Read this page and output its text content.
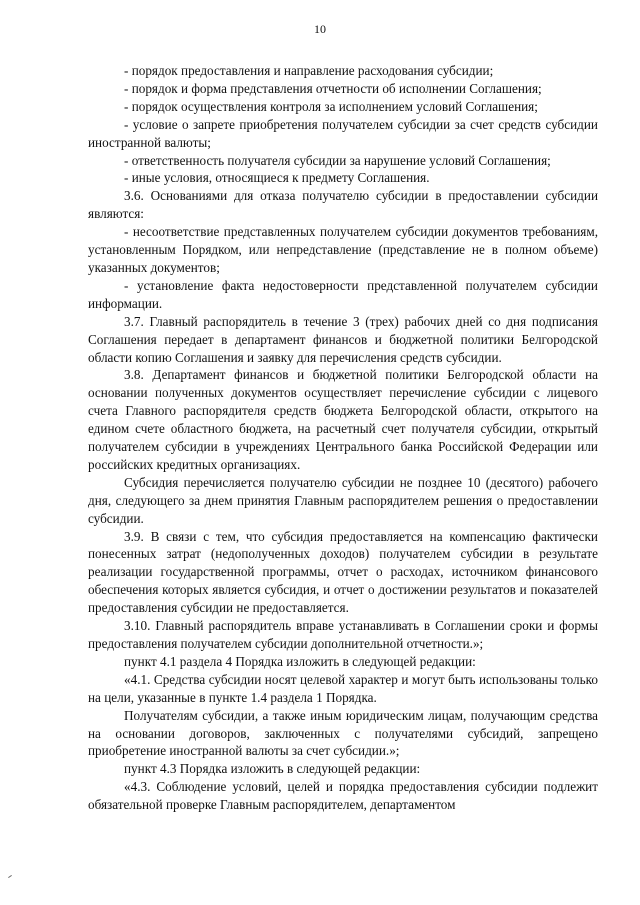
10

- порядок предоставления и направление расходования субсидии;

- порядок и форма представления отчетности об исполнении Соглашения;

- порядок осуществления контроля за исполнением условий Соглашения;

- условие о запрете приобретения получателем субсидии за счет средств субсидии иностранной валюты;

- ответственность получателя субсидии за нарушение условий Соглашения;

- иные условия, относящиеся к предмету Соглашения.

3.6. Основаниями для отказа получателю субсидии в предоставлении субсидии являются:

- несоответствие представленных получателем субсидии документов требованиям, установленным Порядком, или непредставление (представление не в полном объеме) указанных документов;

- установление факта недостоверности представленной получателем субсидии информации.

3.7. Главный распорядитель в течение 3 (трех) рабочих дней со дня подписания Соглашения передает в департамент финансов и бюджетной политики Белгородской области копию Соглашения и заявку для перечисления средств субсидии.

3.8. Департамент финансов и бюджетной политики Белгородской области на основании полученных документов осуществляет перечисление субсидии с лицевого счета Главного распорядителя средств бюджета Белгородской области, открытого на едином счете областного бюджета, на расчетный счет получателя субсидии, открытый получателем субсидии в учреждениях Центрального банка Российской Федерации или российских кредитных организациях.

Субсидия перечисляется получателю субсидии не позднее 10 (десятого) рабочего дня, следующего за днем принятия Главным распорядителем решения о предоставлении субсидии.

3.9. В связи с тем, что субсидия предоставляется на компенсацию фактически понесенных затрат (недополученных доходов) получателем субсидии в результате реализации государственной программы, отчет о расходах, источником финансового обеспечения которых является субсидия, и отчет о достижении результатов и показателей предоставления субсидии не предоставляется.

3.10. Главный распорядитель вправе устанавливать в Соглашении сроки и формы предоставления получателем субсидии дополнительной отчетности.»;

пункт 4.1 раздела 4 Порядка изложить в следующей редакции:

«4.1. Средства субсидии носят целевой характер и могут быть использованы только на цели, указанные в пункте 1.4 раздела 1 Порядка.

Получателям субсидии, а также иным юридическим лицам, получающим средства на основании договоров, заключенных с получателями субсидий, запрещено приобретение иностранной валюты за счет субсидии.»;

пункт 4.3 Порядка изложить в следующей редакции:

«4.3. Соблюдение условий, целей и порядка предоставления субсидии подлежит обязательной проверке Главным распорядителем, департаментом
